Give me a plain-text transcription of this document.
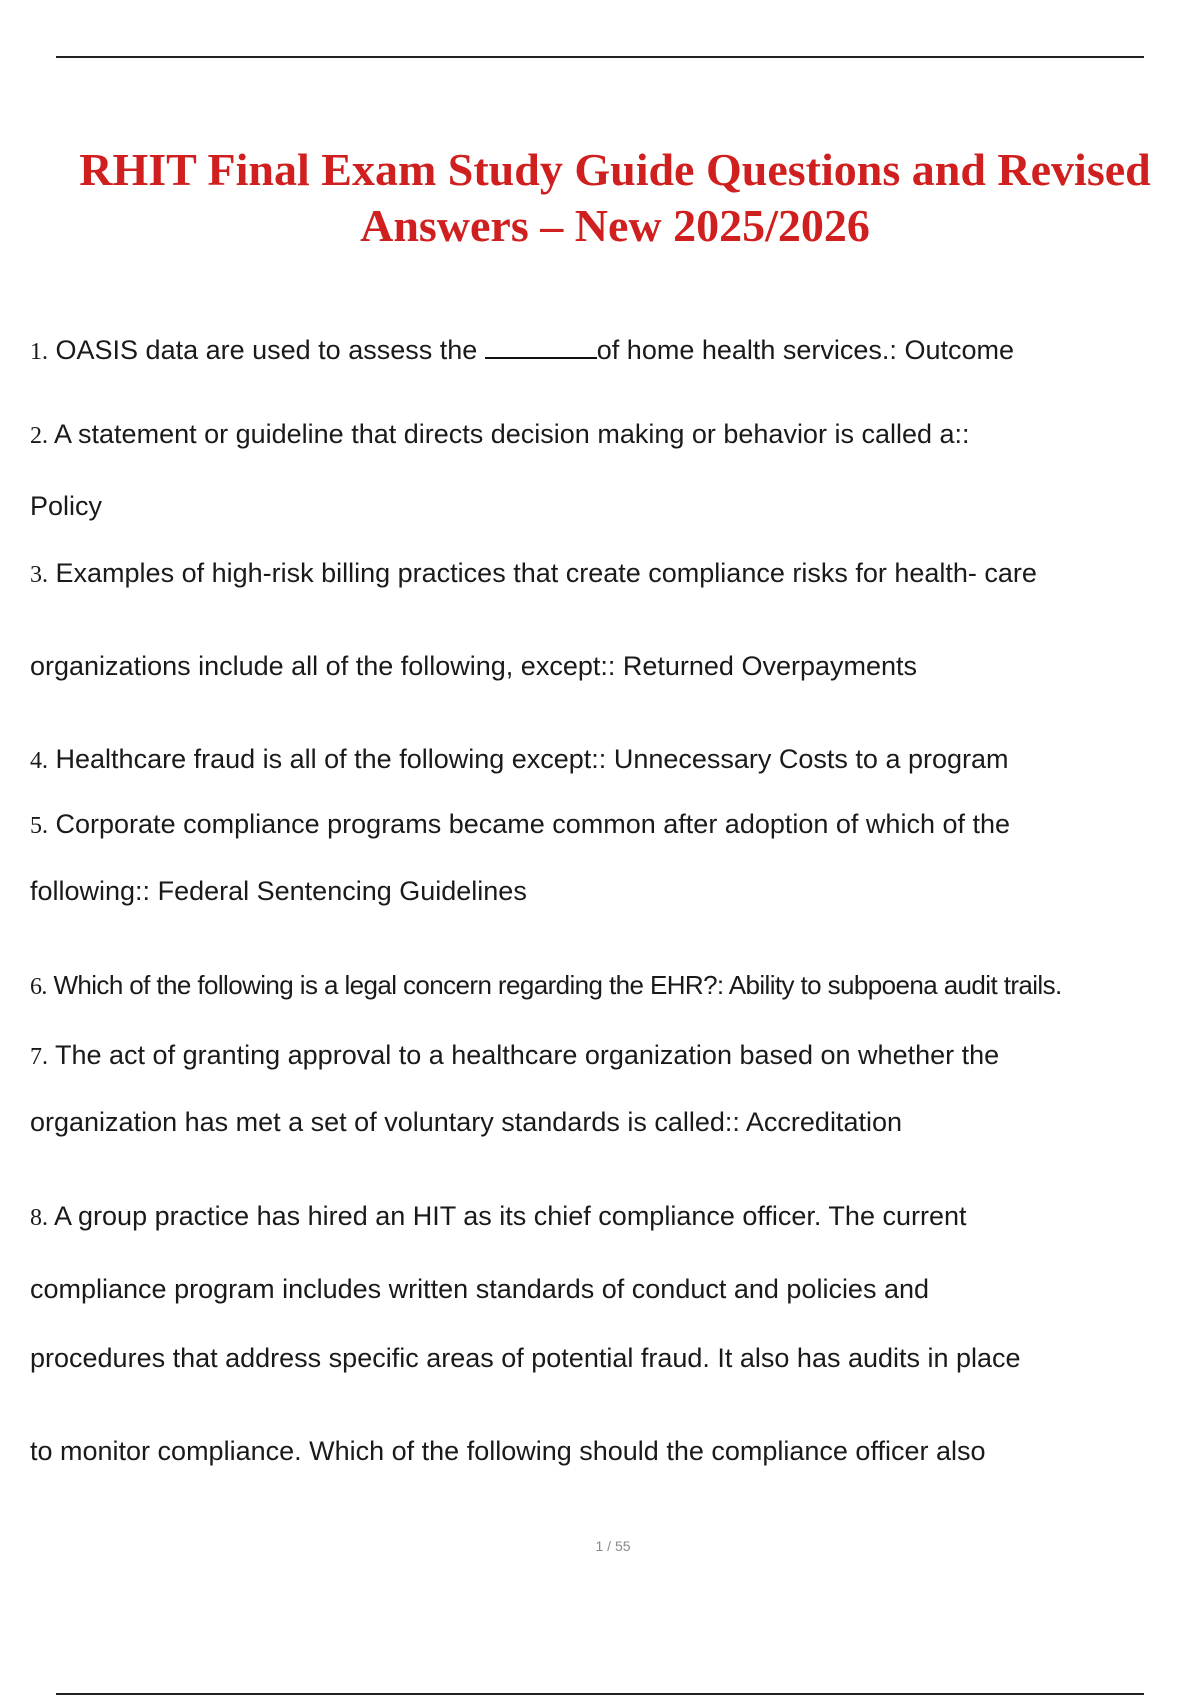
RHIT Final Exam Study Guide Questions and Revised
Answers – New 2025/2026

1. OASIS data are used to assess the	of home health services.: Outcome

2. A statement or guideline that directs decision making or behavior is called a::

Policy

3. Examples of high-risk billing practices that create compliance risks for health- care

organizations include all of the following, except:: Returned Overpayments

4. Healthcare fraud is all of the following except:: Unnecessary Costs to a program

5. Corporate compliance programs became common after adoption of which of the

following:: Federal Sentencing Guidelines

6. Which of the following is a legal concern regarding the EHR?: Ability to subpoena audit trails.

7. The act of granting approval to a healthcare organization based on whether the

organization has met a set of voluntary standards is called:: Accreditation

8. A group practice has hired an HIT as its chief compliance officer. The current

compliance program includes written standards of conduct and policies and

procedures that address specific areas of potential fraud. It also has audits in place

to monitor compliance. Which of the following should the compliance officer also

1 / 55
